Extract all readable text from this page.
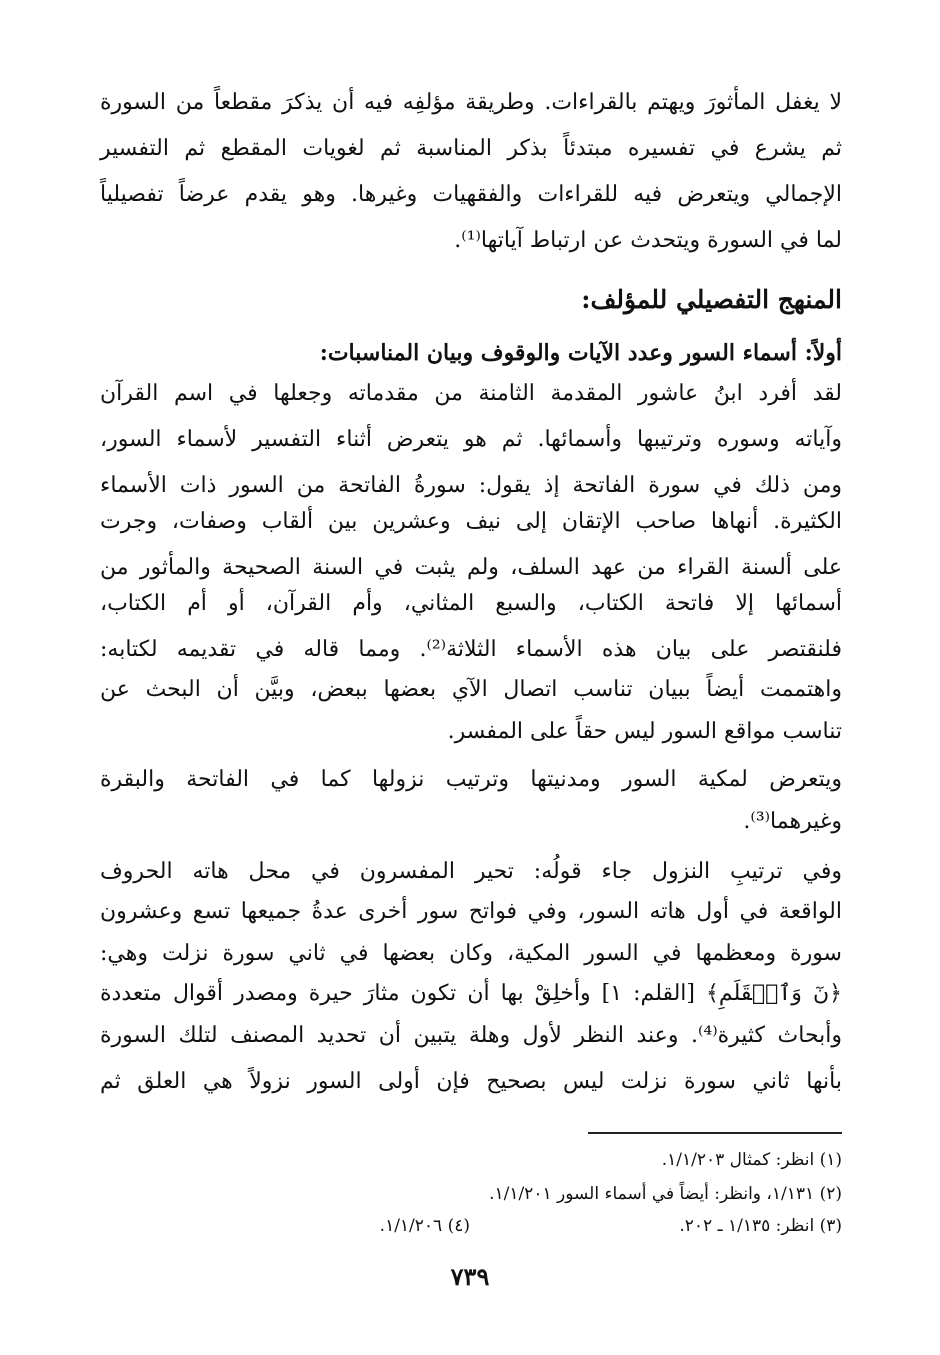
لا يغفل المأثورَ ويهتم بالقراءات. وطريقة مؤلفِه فيه أن يذكرَ مقطعاً من السورة
ثم يشرع في تفسيره مبتدئاً بذكر المناسبة ثم لغويات المقطع ثم التفسير
الإجمالي ويتعرض فيه للقراءات والفقهيات وغيرها. وهو يقدم عرضاً تفصيلياً
لما في السورة ويتحدث عن ارتباط آياتها⁽¹⁾.
المنهج التفصيلي للمؤلف:
أولاً: أسماء السور وعدد الآيات والوقوف وبيان المناسبات:
لقد أفرد ابنُ عاشور المقدمة الثامنة من مقدماته وجعلها في اسم القرآن
وآياته وسوره وترتيبها وأسمائها. ثم هو يتعرض أثناء التفسير لأسماء السور،
ومن ذلك في سورة الفاتحة إذ يقول: سورةُ الفاتحة من السور ذات الأسماء
الكثيرة. أنهاها صاحب الإتقان إلى نيف وعشرين بين ألقاب وصفات، وجرت
على ألسنة القراء من عهد السلف، ولم يثبت في السنة الصحيحة والمأثور من
أسمائها إلا فاتحة الكتاب، والسبع المثاني، وأم القرآن، أو أم الكتاب،
فلنقتصر على بيان هذه الأسماء الثلاثة⁽²⁾. ومما قاله في تقديمه لكتابه:
واهتممت أيضاً ببيان تناسب اتصال الآي بعضها ببعض، وبيَّن أن البحث عن
تناسب مواقع السور ليس حقاً على المفسر.
ويتعرض لمكية السور ومدنيتها وترتيب نزولها كما في الفاتحة والبقرة
وغيرهما⁽³⁾.
وفي ترتيبِ النزول جاء قولُه: تحير المفسرون في محل هاته الحروف
الواقعة في أول هاته السور، وفي فواتح سور أخرى عدةُ جميعها تسع وعشرون
سورة ومعظمها في السور المكية، وكان بعضها في ثاني سورة نزلت وهي:
﴿نٓ وَٱلۡقَلَمِ﴾ [القلم: ١] وأخلِقْ بها أن تكون مثارَ حيرة ومصدر أقوال متعددة
وأبحاث كثيرة⁽⁴⁾. وعند النظر لأول وهلة يتبين أن تحديد المصنف لتلك السورة
بأنها ثاني سورة نزلت ليس بصحيح فإن أولى السور نزولاً هي العلق ثم
(١) انظر: كمثال ١/١/٢٠٣.
(٢) ١/١٣١، وانظر: أيضاً في أسماء السور ١/١/٢٠١.
(٣) انظر: ١/١٣٥ ـ ٢٠٢.
(٤) ١/١/٢٠٦.
٧٣٩
